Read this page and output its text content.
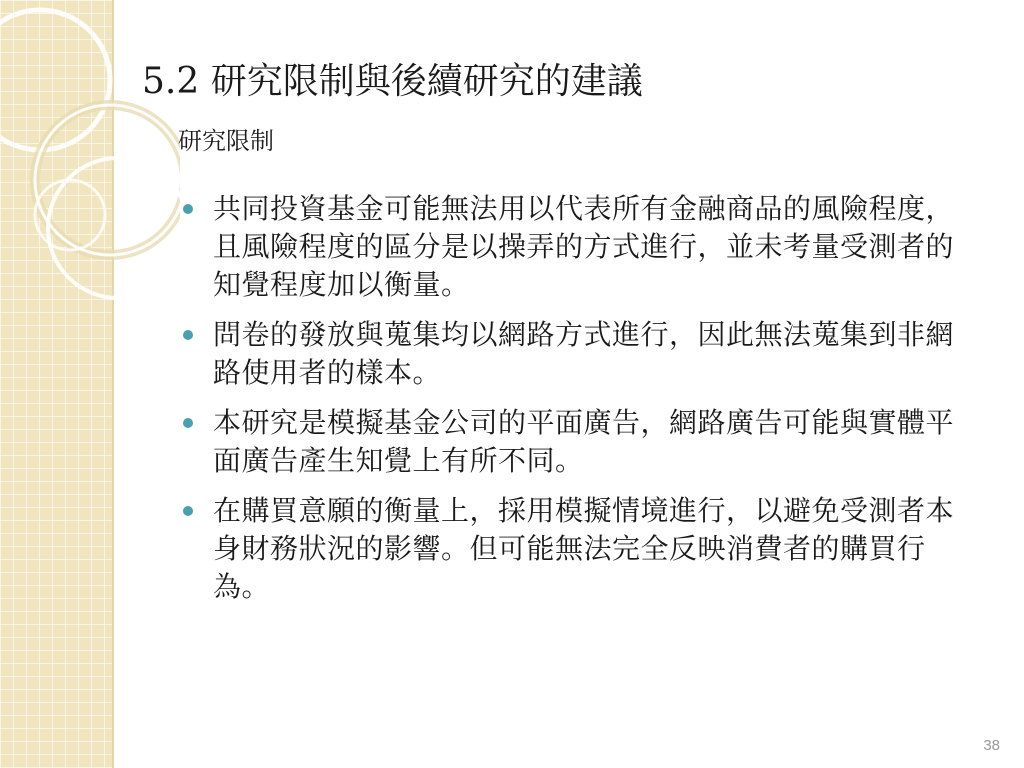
5.2 研究限制與後續研究的建議
研究限制
共同投資基金可能無法用以代表所有金融商品的風險程度，且風險程度的區分是以操弄的方式進行，並未考量受測者的知覺程度加以衡量。
問卷的發放與蒐集均以網路方式進行，因此無法蒐集到非網路使用者的樣本。
本研究是模擬基金公司的平面廣告，網路廣告可能與實體平面廣告產生知覺上有所不同。
在購買意願的衡量上，採用模擬情境進行，以避免受測者本身財務狀況的影響。但可能無法完全反映消費者的購買行為。
38
